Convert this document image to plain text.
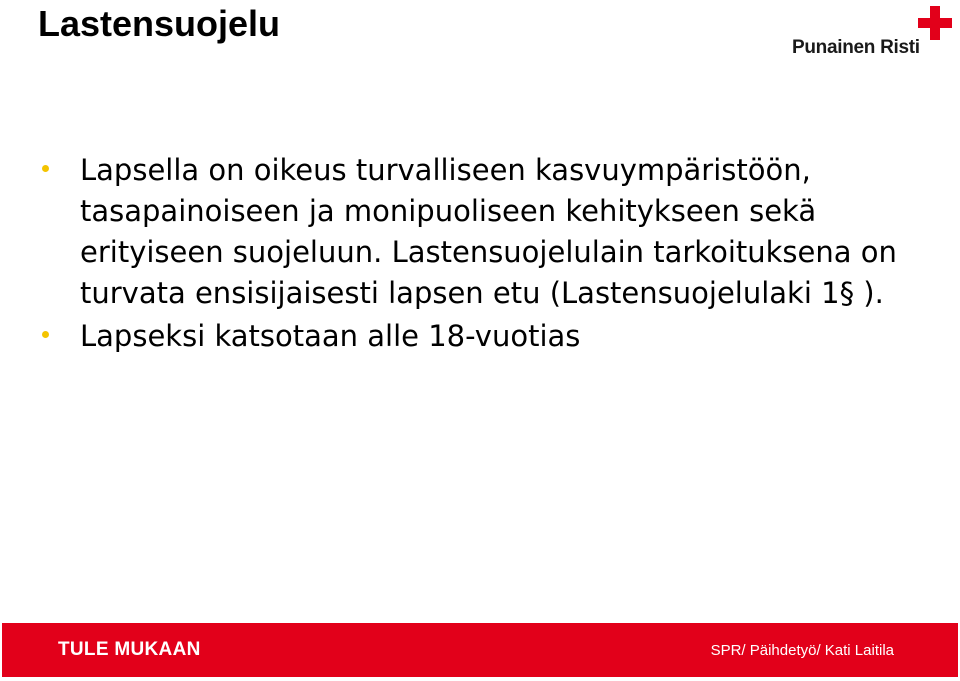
Lastensuojelu
Punainen Risti
Lapsella on oikeus turvalliseen kasvuympäristöön, tasapainoiseen ja monipuoliseen kehitykseen sekä erityiseen suojeluun. Lastensuojelulain tarkoituksena on turvata ensisijaisesti lapsen etu (Lastensuojelulaki 1§ ).
Lapseksi katsotaan alle 18-vuotias
TULE MUKAAN	SPR/ Päihdetyö/ Kati Laitila
